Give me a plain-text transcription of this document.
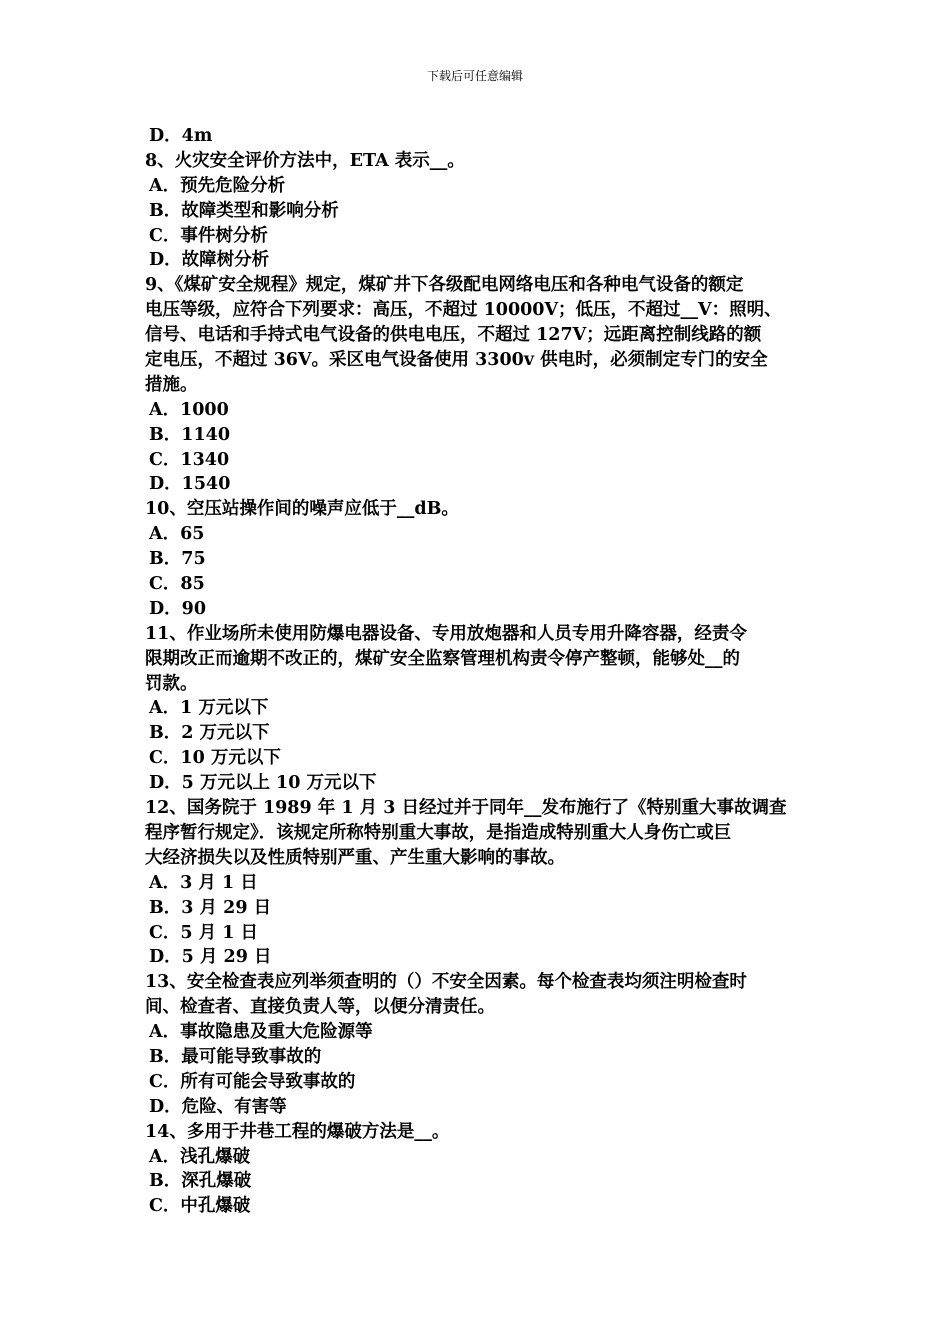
下载后可任意编辑
D．4m
8、火灾安全评价方法中，ETA 表示__。
A．预先危险分析
B．故障类型和影响分析
C．事件树分析
D．故障树分析
9、《煤矿安全规程》规定，煤矿井下各级配电网络电压和各种电气设备的额定
电压等级，应符合下列要求：高压，不超过 10000V；低压，不超过__V：照明、
信号、电话和手持式电气设备的供电电压，不超过 127V；远距离控制线路的额
定电压，不超过 36V。采区电气设备使用 3300v 供电时，必须制定专门的安全
措施。
A．1000
B．1140
C．1340
D．1540
10、空压站操作间的噪声应低于__dB。
A．65
B．75
C．85
D．90
11、作业场所未使用防爆电器设备、专用放炮器和人员专用升降容器，经责令
限期改正而逾期不改正的，煤矿安全监察管理机构责令停产整顿，能够处__的
罚款。
A．1 万元以下
B．2 万元以下
C．10 万元以下
D．5 万元以上 10 万元以下
12、国务院于 1989 年 1 月 3 日经过并于同年__发布施行了《特别重大事故调查
程序暂行规定》．该规定所称特别重大事故，是指造成特别重大人身伤亡或巨
大经济损失以及性质特别严重、产生重大影响的事故。
A．3 月 1 日
B．3 月 29 日
C．5 月 1 日
D．5 月 29 日
13、安全检查表应列举须查明的（）不安全因素。每个检查表均须注明检查时
间、检查者、直接负责人等，以便分清责任。
A．事故隐患及重大危险源等
B．最可能导致事故的
C．所有可能会导致事故的
D．危险、有害等
14、多用于井巷工程的爆破方法是__。
A．浅孔爆破
B．深孔爆破
C．中孔爆破
